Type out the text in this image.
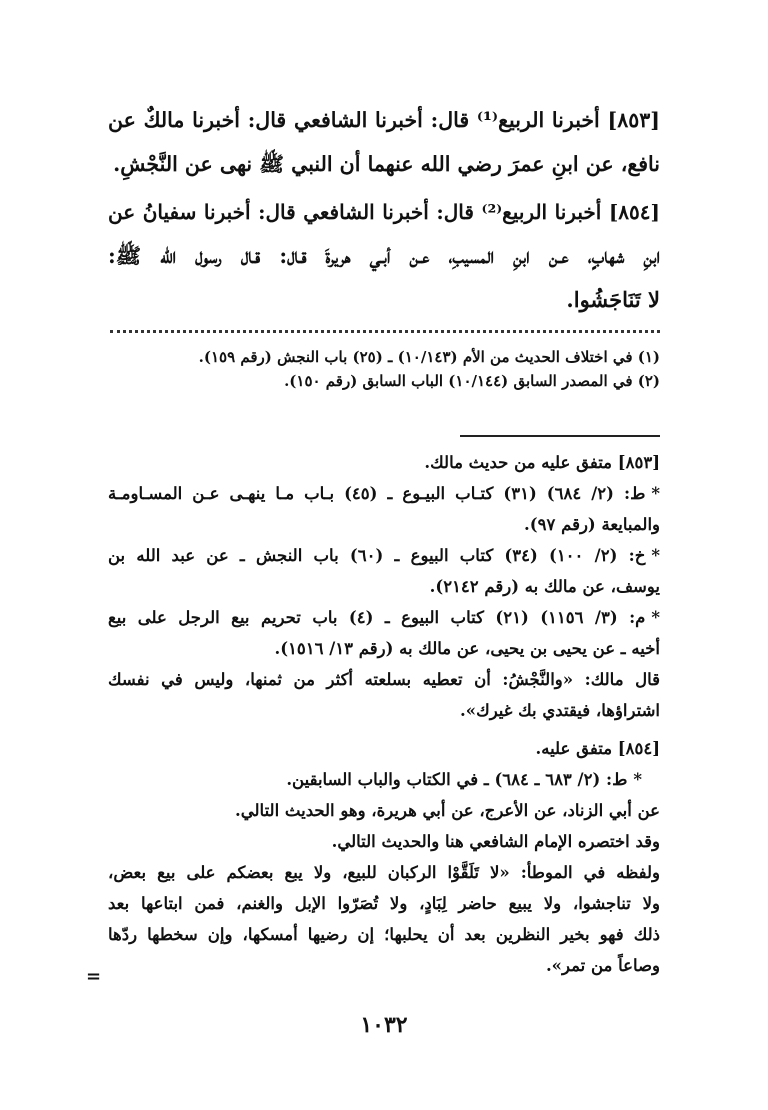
[٨٥٣] أخبرنا الربيع⁽¹⁾ قال: أخبرنا الشافعي قال: أخبرنا مالكٌ عن
نافع، عن ابنِ عمرَ رضي الله عنهما أن النبي ﷺ نهى عن النَّجْشِ.
[٨٥٤] أخبرنا الربيع⁽²⁾ قال: أخبرنا الشافعي قال: أخبرنا سفيانُ عن
ابنِ شهابٍ، عـن ابنِ المسيبِ، عـن أبـي هريرةَ قـال: قـال رسول الله ﷺ:
لا تَنَاجَشُوا.
(١) في اختلاف الحديث من الأم (١٠/١٤٣) ـ (٢٥) باب النجش (رقم ١٥٩).
(٢) في المصدر السابق (١٠/١٤٤) الباب السابق (رقم ١٥٠).
[٨٥٣] متفق عليه من حديث مالك.
*ط: (٢/ ٦٨٤) (٣١) كتـاب البيـوع ـ (٤٥) بـاب مـا ينهـى عـن المسـاومـة
والمبايعة (رقم ٩٧).
*خ: (٢/ ١٠٠) (٣٤) كتاب البيوع ـ (٦٠) باب النجش ـ عن عبد الله بن
يوسف، عن مالك به (رقم ٢١٤٢).
*م: (٣/ ١١٥٦) (٢١) كتاب البيوع ـ (٤) باب تحريم بيع الرجل على بيع
أخيه ـ عن يحيى بن يحيى، عن مالك به (رقم ١٣/ ١٥١٦).
قال مالك: «والنَّجْشُ: أن تعطيه بسلعته أكثر من ثمنها، وليس في نفسك
اشتراؤها، فيقتدي بك غيرك».
[٨٥٤] متفق عليه.
*ط: (٢/ ٦٨٣ ـ ٦٨٤) ـ في الكتاب والباب السابقين.
عن أبي الزناد، عن الأعرج، عن أبي هريرة، وهو الحديث التالي.
وقد اختصره الإمام الشافعي هنا والحديث التالي.
ولفظه في الموطأ: «لا تَلَقَّوْا الركبان للبيع، ولا يبع بعضكم على بيع بعض،
ولا تناجشوا، ولا يبيع حاضر لِبَادٍ، ولا تُصَرّوا الإبل والغنم، فمن ابتاعها بعد
ذلك فهو بخير النظرين بعد أن يحلبها؛ إن رضيها أمسكها، وإن سخطها ردّها
وصاعاً من تمر».
=
١٠٣٢
